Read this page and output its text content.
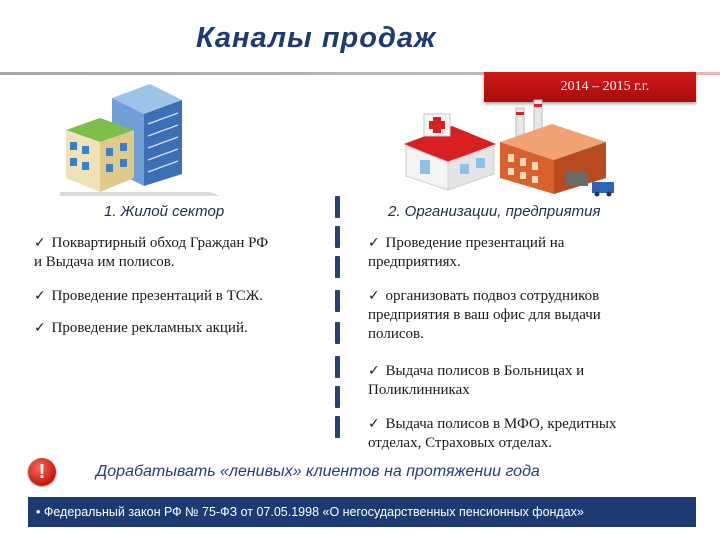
Каналы продаж
2014 – 2015 г.г.
1. Жилой сектор	2. Организации, предприятия
✓ Поквартирный обход Граждан РФ
и Выдача им полисов.
✓ Проведение презентаций в ТСЖ.
✓ Проведение рекламных акций.
✓ Проведение презентаций на
предприятиях.
✓ организовать подвоз сотрудников
предприятия в ваш офис для выдачи
полисов.
✓ Выдача полисов в Больницах и
Поликлинниках
✓ Выдача полисов в МФО, кредитных
отделах, Страховых отделах.
!	Дорабатывать «ленивых» клиентов на протяжении года
• Федеральный закон РФ № 75-ФЗ от 07.05.1998 «О негосударственных пенсионных фондах»
